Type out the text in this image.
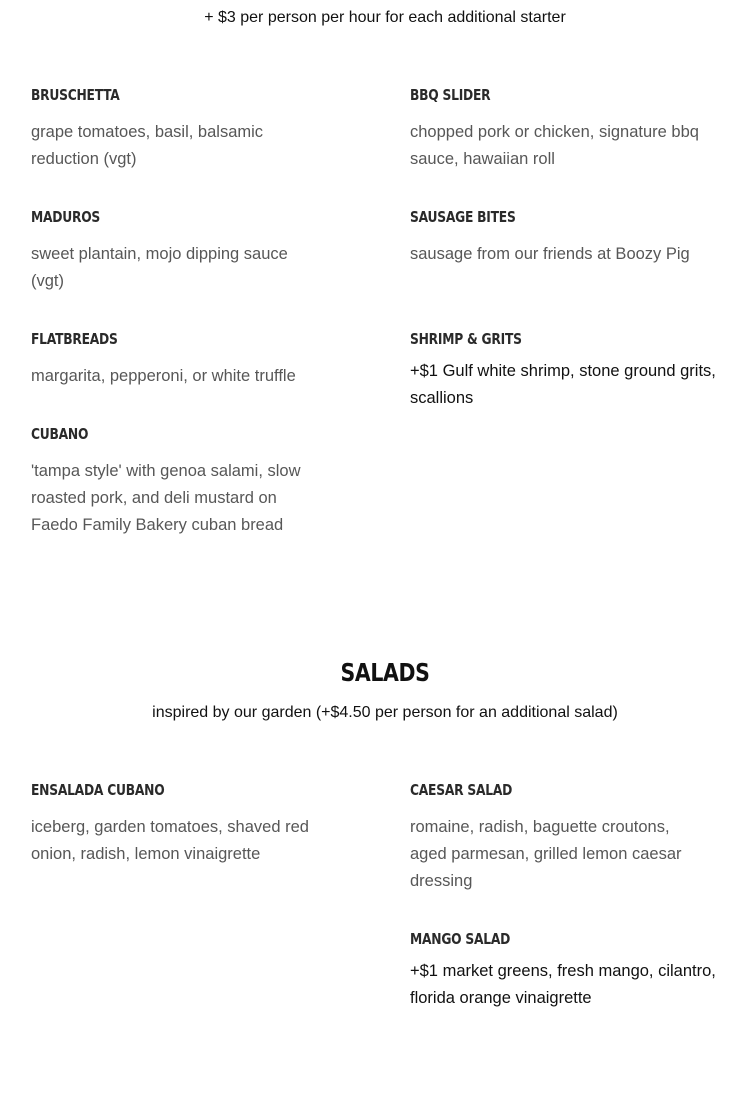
+ $3 per person per hour for each additional starter
BRUSCHETTA
grape tomatoes, basil, balsamic reduction (vgt)
BBQ SLIDER
chopped pork or chicken, signature bbq sauce, hawaiian roll
MADUROS
sweet plantain, mojo dipping sauce (vgt)
SAUSAGE BITES
sausage from our friends at Boozy Pig
FLATBREADS
margarita, pepperoni, or white truffle
SHRIMP & GRITS
+$1 Gulf white shrimp, stone ground grits, scallions
CUBANO
'tampa style' with genoa salami, slow roasted pork, and deli mustard on Faedo Family Bakery cuban bread
SALADS
inspired by our garden (+$4.50 per person for an additional salad)
ENSALADA CUBANO
iceberg, garden tomatoes, shaved red onion, radish, lemon vinaigrette
CAESAR SALAD
romaine, radish, baguette croutons, aged parmesan, grilled lemon caesar dressing
MANGO SALAD
+$1 market greens, fresh mango, cilantro, florida orange vinaigrette
